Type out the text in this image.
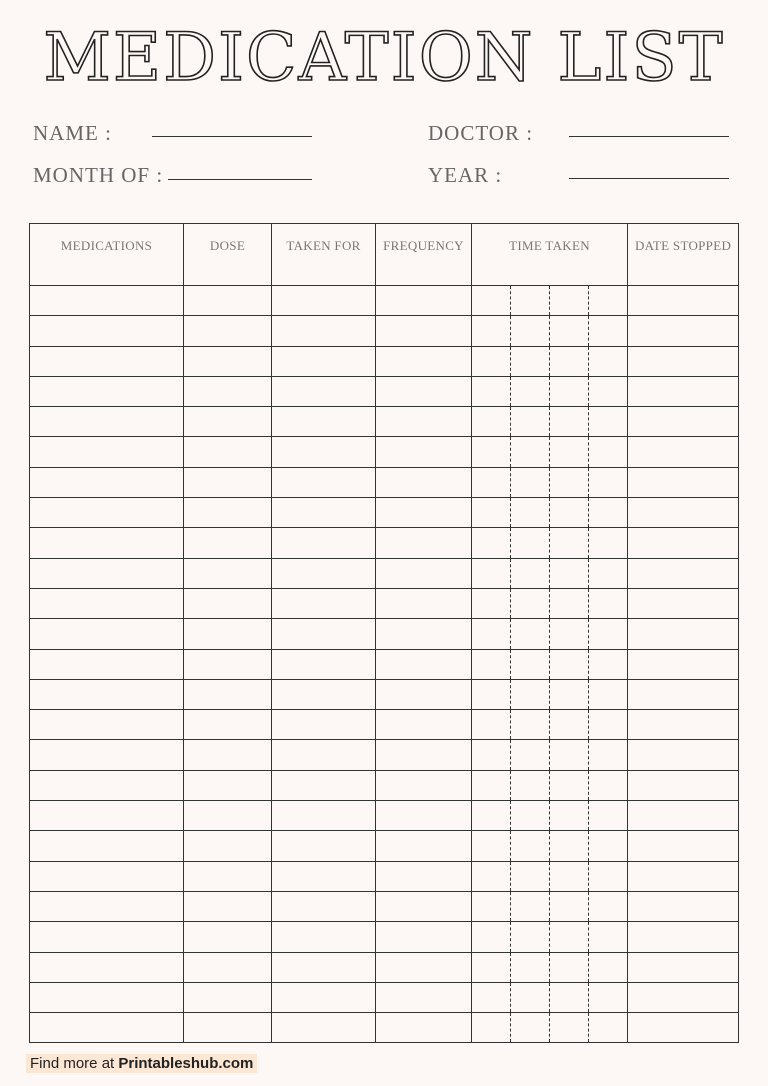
MEDICATION LIST
NAME :	DOCTOR :
MONTH OF :	YEAR :
MEDICATIONS	DOSE	TAKEN FOR	FREQUENCY	TIME TAKEN				DATE STOPPED

Find more at Printableshub.com
